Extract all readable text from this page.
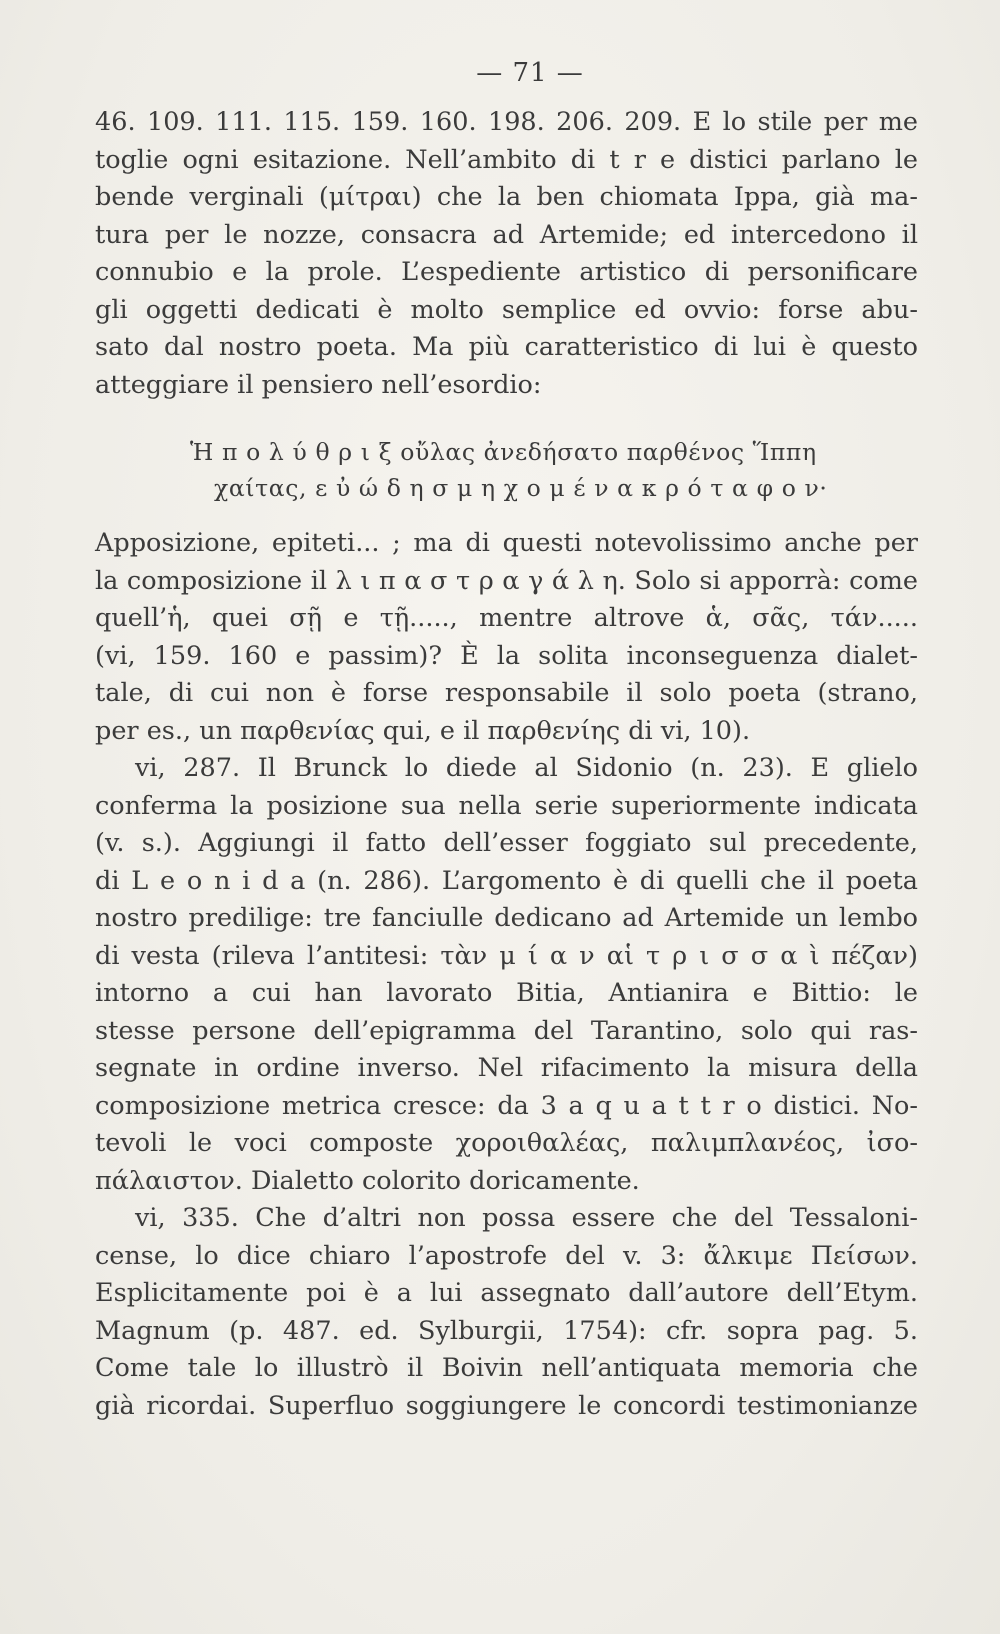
— 71 —
46. 109. 111. 115. 159. 160. 198. 206. 209. E lo stile per me
toglie ogni esitazione. Nell’ambito di t r e distici parlano le
bende verginali (μίτραι) che la ben chiomata Ippa, già ma-
tura per le nozze, consacra ad Artemide; ed intercedono il
connubio e la prole. L’espediente artistico di personificare
gli oggetti dedicati è molto semplice ed ovvio: forse abu-
sato dal nostro poeta. Ma più caratteristico di lui è questo
atteggiare il pensiero nell’esordio:
Ἡ π ο λ ύ θ ρ ι ξ οὔλας ἀνεδήσατο παρθένος Ἵππη
χαίτας, ε ὐ ώ δ η σ μ η χ ο μ έ ν α κ ρ ό τ α φ ο ν·
Apposizione, epiteti... ; ma di questi notevolissimo anche per
la composizione il λ ι π α σ τ ρ α γ ά λ η. Solo si apporrà: come
quell’ἡ, quei σῇ e τῇ....., mentre altrove ἁ, σᾶς, τάν.....
(vi, 159. 160 e passim)? È la solita inconseguenza dialet-
tale, di cui non è forse responsabile il solo poeta (strano,
per es., un παρθενίας qui, e il παρθενίης di vi, 10).
vi, 287. Il Brunck lo diede al Sidonio (n. 23). E glielo
conferma la posizione sua nella serie superiormente indicata
(v. s.). Aggiungi il fatto dell’esser foggiato sul precedente,
di L e o n i d a (n. 286). L’argomento è di quelli che il poeta
nostro predilige: tre fanciulle dedicano ad Artemide un lembo
di vesta (rileva l’antitesi: τὰν μ ί α ν αἱ τ ρ ι σ σ α ὶ πέζαν)
intorno a cui han lavorato Bitia, Antianira e Bittio: le
stesse persone dell’epigramma del Tarantino, solo qui ras-
segnate in ordine inverso. Nel rifacimento la misura della
composizione metrica cresce: da 3 a q u a t t r o distici. No-
tevoli le voci composte χοροιθαλέας, παλιμπλανέος, ἰσο-
πάλαιστον. Dialetto colorito doricamente.
vi, 335. Che d’altri non possa essere che del Tessaloni-
cense, lo dice chiaro l’apostrofe del v. 3: ἄλκιμε Πείσων.
Esplicitamente poi è a lui assegnato dall’autore dell’Etym.
Magnum (p. 487. ed. Sylburgii, 1754): cfr. sopra pag. 5.
Come tale lo illustrò il Boivin nell’antiquata memoria che
già ricordai. Superfluo soggiungere le concordi testimonianze
